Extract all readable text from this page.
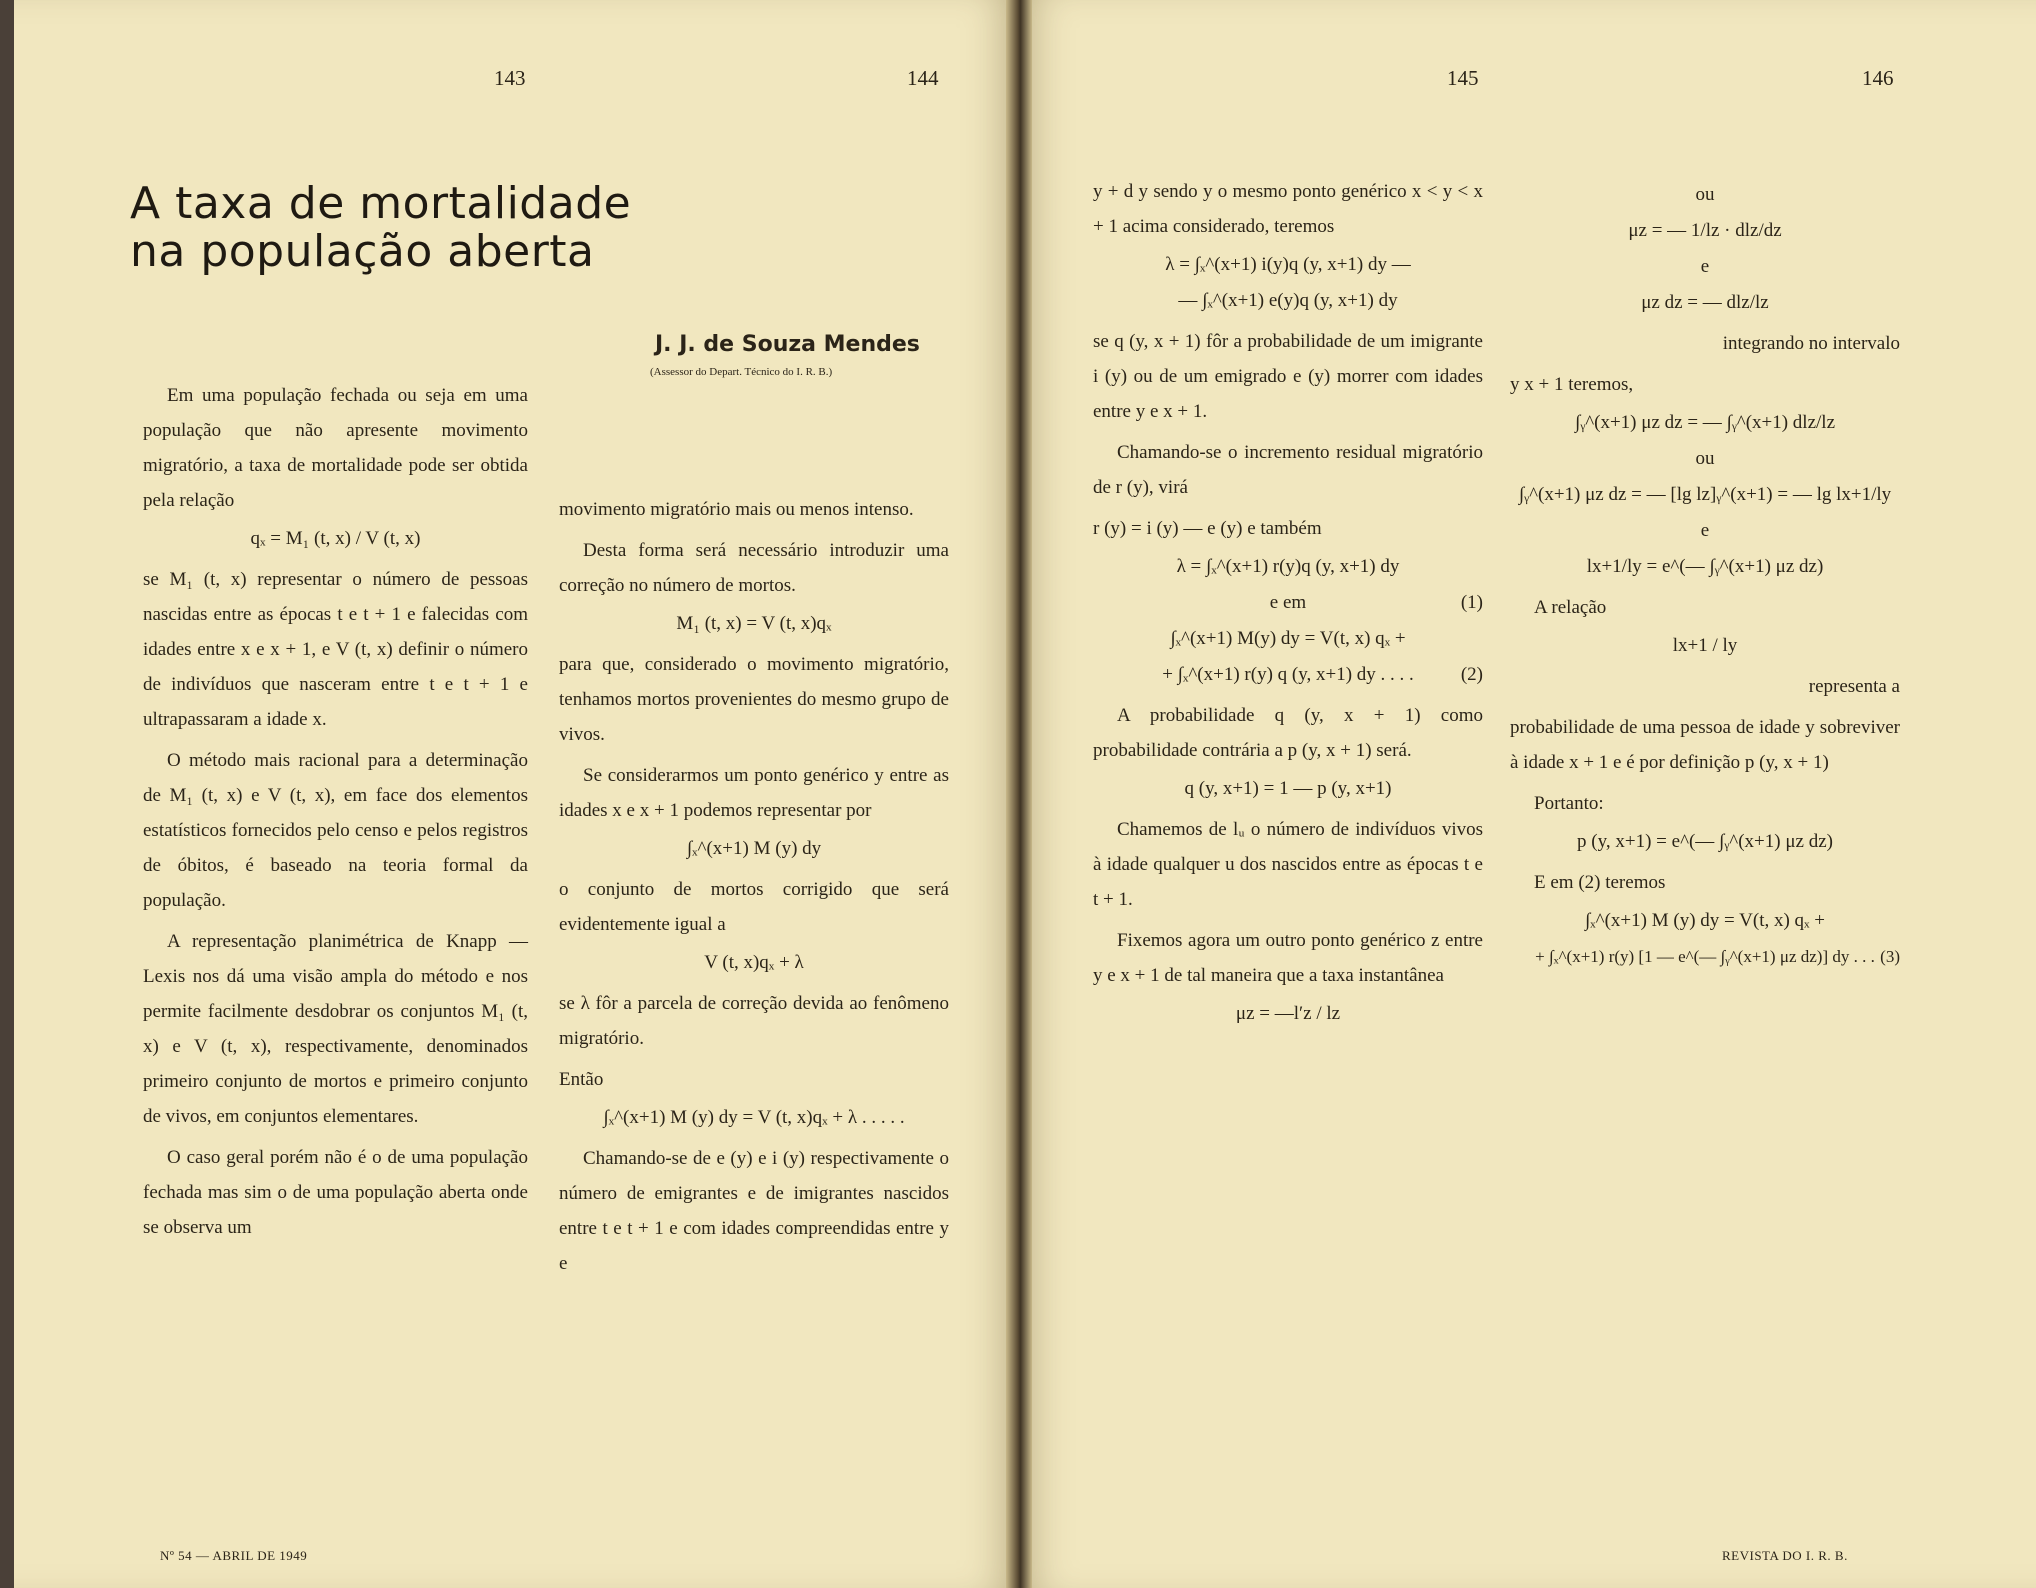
143	144	145	146
A taxa de mortalidade
na população aberta
J. J. de Souza Mendes
(Assessor do Depart. Técnico do I. R. B.)

Em uma população fechada ou seja em uma população que não apresente movimento migratório, a taxa de mortalidade pode ser obtida pela relação

qₓ = M₁ (t, x) / V (t, x)

se M₁ (t, x) representar o número de pessoas nascidas entre as épocas t e t + 1 e falecidas com idades entre x e x + 1, e V (t, x) definir o número de indivíduos que nasceram entre t e t + 1 e ultrapassaram a idade x.

O método mais racional para a determinação de M₁ (t, x) e V (t, x), em face dos elementos estatísticos fornecidos pelo censo e pelos registros de óbitos, é baseado na teoria formal da população.

A representação planimétrica de Knapp — Lexis nos dá uma visão ampla do método e nos permite facilmente desdobrar os conjuntos M₁ (t, x) e V (t, x), respectivamente, denominados primeiro conjunto de mortos e primeiro conjunto de vivos, em conjuntos elementares.

O caso geral porém não é o de uma população fechada mas sim o de uma população aberta onde se observa um

movimento migratório mais ou menos intenso.

Desta forma será necessário introduzir uma correção no número de mortos.

M₁ (t, x) = V (t, x)qₓ

para que, considerado o movimento migratório, tenhamos mortos provenientes do mesmo grupo de vivos.

Se considerarmos um ponto genérico y entre as idades x e x + 1 podemos representar por

∫ₓ^(x+1) M (y) dy

o conjunto de mortos corrigido que será evidentemente igual a

V (t, x)qₓ + λ

se λ fôr a parcela de correção devida ao fenômeno migratório.

Então

∫ₓ^(x+1) M (y) dy = V (t, x)qₓ + λ . . . . .

Chamando-se de e (y) e i (y) respectivamente o número de emigrantes e de imigrantes nascidos entre t e t + 1 e com idades compreendidas entre y e

y + d y sendo y o mesmo ponto genérico x < y < x + 1 acima considerado, teremos

λ = ∫ₓ^(x+1) i(y)q (y, x+1) dy —
— ∫ₓ^(x+1) e(y)q (y, x+1) dy

se q (y, x + 1) fôr a probabilidade de um imigrante i (y) ou de um emigrado e (y) morrer com idades entre y e x + 1.

Chamando-se o incremento residual migratório de r (y), virá

r (y) = i (y) — e (y) e também

λ = ∫ₓ^(x+1) r(y)q (y, x+1) dy
e em	(1)
∫ₓ^(x+1) M(y) dy = V(t, x) qₓ +
+ ∫ₓ^(x+1) r(y) q (y, x+1) dy . . . . (2)

A probabilidade q (y, x + 1) como probabilidade contrária a p (y, x + 1) será.

q (y, x+1) = 1 — p (y, x+1)

Chamemos de lᵤ o número de indivíduos vivos à idade qualquer u dos nascidos entre as épocas t e t + 1.

Fixemos agora um outro ponto genérico z entre y e x + 1 de tal maneira que a taxa instantânea

μz = —l′z / lz
ou
μz = — 1/lz · dlz/dz
e
μz dz = — dlz/lz

integrando no intervalo

y x + 1 teremos,

∫ᵧ^(x+1) μz dz = — ∫ᵧ^(x+1) dlz/lz
ou
∫ᵧ^(x+1) μz dz = — [lg lz]ᵧ^(x+1) = — lg lx+1/ly
e
lx+1/ly = e^(— ∫ᵧ^(x+1) μz dz)

A relação

lx+1 / ly

representa a

probabilidade de uma pessoa de idade y sobreviver à idade x + 1 e é por definição p (y, x + 1)

Portanto:

p (y, x+1) = e^(— ∫ᵧ^(x+1) μz dz)

E em (2) teremos

∫ₓ^(x+1) M (y) dy = V(t, x) qₓ +
+ ∫ₓ^(x+1) r(y) [1 — e^(— ∫ᵧ^(x+1) μz dz)] dy . . . (3)
Nº 54 — ABRIL DE 1949	REVISTA DO I. R. B.
